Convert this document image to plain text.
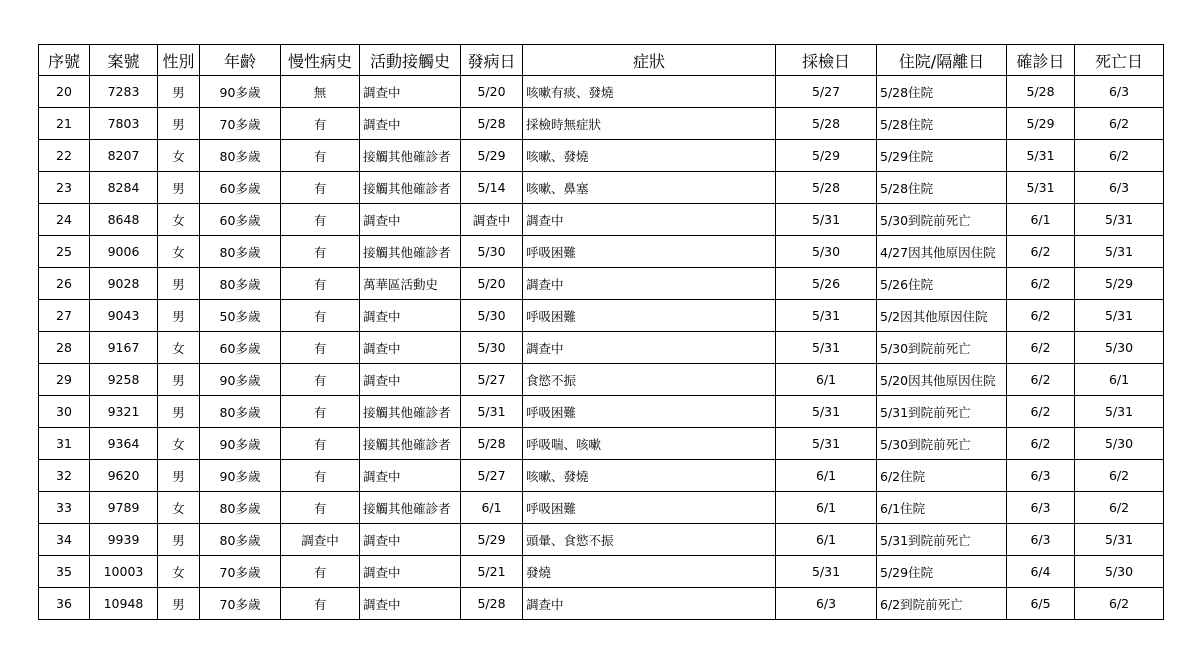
序號	案號	性別	年齡	慢性病史	活動接觸史	發病日	症狀	採檢日	住院/隔離日	確診日	死亡日
20	7283	男	90多歲	無	調查中	5/20	咳嗽有痰、發燒	5/27	5/28住院	5/28	6/3
21	7803	男	70多歲	有	調查中	5/28	採檢時無症狀	5/28	5/28住院	5/29	6/2
22	8207	女	80多歲	有	接觸其他確診者	5/29	咳嗽、發燒	5/29	5/29住院	5/31	6/2
23	8284	男	60多歲	有	接觸其他確診者	5/14	咳嗽、鼻塞	5/28	5/28住院	5/31	6/3
24	8648	女	60多歲	有	調查中	調查中	調查中	5/31	5/30到院前死亡	6/1	5/31
25	9006	女	80多歲	有	接觸其他確診者	5/30	呼吸困難	5/30	4/27因其他原因住院	6/2	5/31
26	9028	男	80多歲	有	萬華區活動史	5/20	調查中	5/26	5/26住院	6/2	5/29
27	9043	男	50多歲	有	調查中	5/30	呼吸困難	5/31	5/2因其他原因住院	6/2	5/31
28	9167	女	60多歲	有	調查中	5/30	調查中	5/31	5/30到院前死亡	6/2	5/30
29	9258	男	90多歲	有	調查中	5/27	食慾不振	6/1	5/20因其他原因住院	6/2	6/1
30	9321	男	80多歲	有	接觸其他確診者	5/31	呼吸困難	5/31	5/31到院前死亡	6/2	5/31
31	9364	女	90多歲	有	接觸其他確診者	5/28	呼吸喘、咳嗽	5/31	5/30到院前死亡	6/2	5/30
32	9620	男	90多歲	有	調查中	5/27	咳嗽、發燒	6/1	6/2住院	6/3	6/2
33	9789	女	80多歲	有	接觸其他確診者	6/1	呼吸困難	6/1	6/1住院	6/3	6/2
34	9939	男	80多歲	調查中	調查中	5/29	頭暈、食慾不振	6/1	5/31到院前死亡	6/3	5/31
35	10003	女	70多歲	有	調查中	5/21	發燒	5/31	5/29住院	6/4	5/30
36	10948	男	70多歲	有	調查中	5/28	調查中	6/3	6/2到院前死亡	6/5	6/2
